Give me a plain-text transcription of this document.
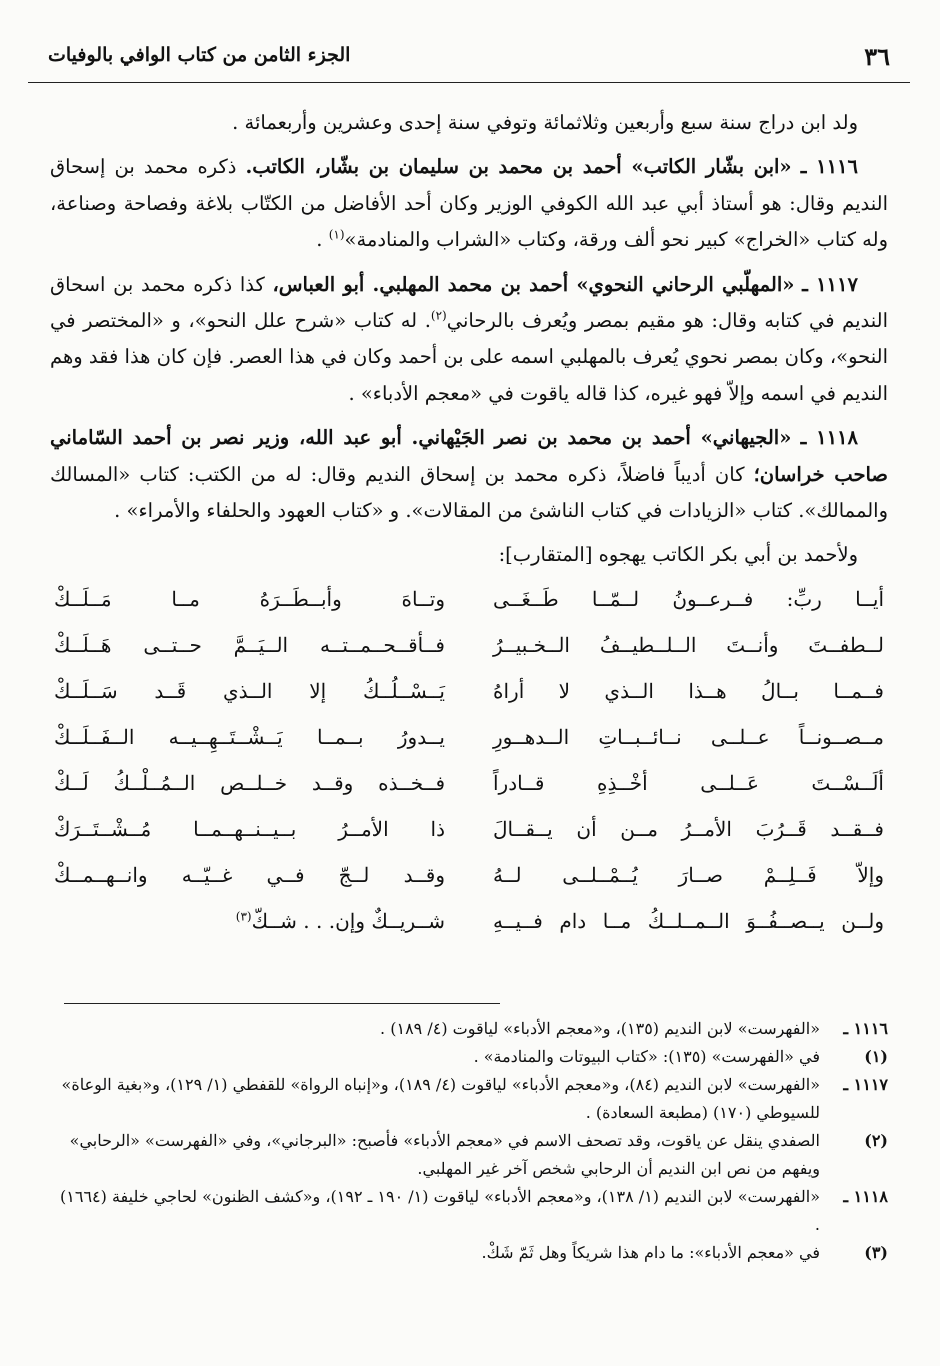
٣٦
الجزء الثامن من كتاب الوافي بالوفيات

ولد ابن دراج سنة سبع وأربعين وثلاثمائة وتوفي سنة إحدى وعشرين وأربعمائة .

١١١٦ ـ «ابن بشّار الكاتب» أحمد بن محمد بن سليمان بن بشّار، الكاتب. ذكره محمد بن إسحاق النديم وقال: هو أستاذ أبي عبد الله الكوفي الوزير وكان أحد الأفاضل من الكتّاب بلاغة وفصاحة وصناعة، وله كتاب «الخراج» كبير نحو ألف ورقة، وكتاب «الشراب والمنادمة»$^{(١)}$ .

١١١٧ ـ «المهلّبي الرحاني النحوي» أحمد بن محمد المهلبي. أبو العباس، كذا ذكره محمد بن اسحاق النديم في كتابه وقال: هو مقيم بمصر ويُعرف بالرحاني$^{(٢)}$. له كتاب «شرح علل النحو»، و «المختصر في النحو»، وكان بمصر نحوي يُعرف بالمهلبي اسمه على بن أحمد وكان في هذا العصر. فإن كان هذا فقد وهم النديم في اسمه وإلاّ فهو غيره، كذا قاله ياقوت في «معجم الأدباء» .

١١١٨ ـ «الجيهاني» أحمد بن محمد بن نصر الجَيْهاني. أبو عبد الله، وزير نصر بن أحمد السّاماني صاحب خراسان؛ كان أديباً فاضلاً، ذكره محمد بن إسحاق النديم وقال: له من الكتب: كتاب «المسالك والممالك». كتاب «الزيادات في كتاب الناشئ من المقالات». و «كتاب العهود والحلفاء والأمراء» .

ولأحمد بن أبي بكر الكاتب يهجوه [المتقارب]:

أيــا ربِّ: فــرعــونُ لــمّــا طَــغَــى
وتــاهَ وأبــطَــرَهُ مــا مَــلَــكْ
لــطفــتَ وأنــتَ الــلــطيــفُ الــخـبيــرُ
فــأقــحــمــتــه الــيَــمَّ حــتــى هَــلَــكْ
فــمــا بــالُ هــذا الــذي لا أراهُ
يَــسْــلُــكُ إلا الــذي قَــد سَــلَــكْ
مــصــونــاً عــلــى نــائــبــاتِ الــدهــورِ
يــدورُ بــمــا يَــشْــتَــهِــيــه الــفَــلَــكْ
ألَــسْــتَ عَــلــى أخْــذِهِ قــادراً
فــخــذه وقــد خــلــص الــمُــلْــكُ لَــكْ
فــقــد قَــرُبَ الأمــرُ مــن أن يــقــالَ
ذا الأمــرُ بــيــنــهــمــا مُــشْــتَــرَكْ
وإلاّ فَــلِــمْ صــارَ يُــمْــلــى لــهُ
وقــد لــجّ فــي غــيّــه وانــهــمــكْ
ولــن يــصــفُــوَ الــمــلــكُ مــا دام فــيــهِ
شــريــكٌ وإن. . . شــكّ$^{(٣)}$
١١١٦ ـ
«الفهرست» لابن النديم (١٣٥)، و«معجم الأدباء» لياقوت (٤/ ١٨٩) .
(١)
في «الفهرست» (١٣٥): «كتاب البيوتات والمنادمة» .
١١١٧ ـ
«الفهرست» لابن النديم (٨٤)، و«معجم الأدباء» لياقوت (٤/ ١٨٩)، و«إنباه الرواة» للقفطي (١/ ١٢٩)، و«بغية الوعاة» للسيوطي (١٧٠) (مطبعة السعادة) .
(٢)
الصفدي ينقل عن ياقوت، وقد تصحف الاسم في «معجم الأدباء» فأصبح: «البرجاني»، وفي «الفهرست» «الرحابي» ويفهم من نص ابن النديم أن الرحابي شخص آخر غير المهلبي.
١١١٨ ـ
«الفهرست» لابن النديم (١/ ١٣٨)، و«معجم الأدباء» لياقوت (١/ ١٩٠ ـ ١٩٢)، و«كشف الظنون» لحاجي خليفة (١٦٦٤) .
(٣)
في «معجم الأدباء»: ما دام هذا شريكاً وهل ثَمّ شَكْ.
